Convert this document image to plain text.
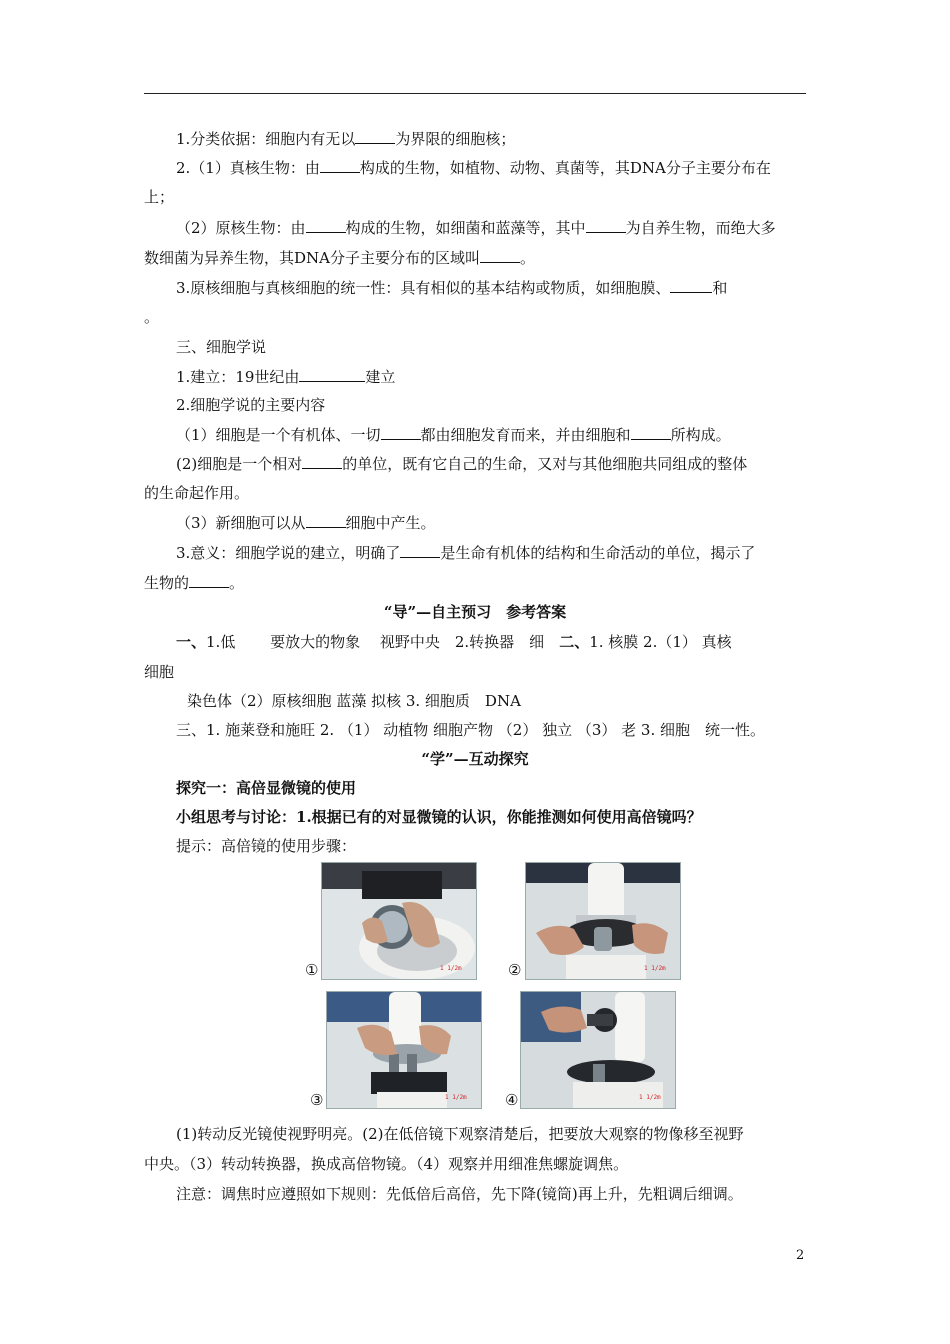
1.分类依据：细胞内有无以	为界限的细胞核；
2.（1）真核生物：由	构成的生物，如植物、动物、真菌等，其DNA分子主要分布在
上；
（2）原核生物：由	构成的生物，如细菌和蓝藻等，其中	为自养生物，而绝大多
数细菌为异养生物，其DNA分子主要分布的区域叫	。
3.原核细胞与真核细胞的统一性：具有相似的基本结构或物质，如细胞膜、	和
。
三、细胞学说
1.建立：19世纪由	建立
2.细胞学说的主要内容
（1）细胞是一个有机体、一切	都由细胞发育而来，并由细胞和	所构成。
(2)细胞是一个相对	的单位，既有它自己的生命，又对与其他细胞共同组成的整体
的生命起作用。
（3）新细胞可以从	细胞中产生。
3.意义：细胞学说的建立，明确了	是生命有机体的结构和生命活动的单位，揭示了
生物的	。
“导”—自主预习　参考答案
一、1.低　　 要放大的物象　 视野中央　2.转换器　细　二、1. 核膜 2.（1） 真核
细胞
染色体（2）原核细胞 蓝藻 拟核 3. 细胞质　DNA
三、1. 施莱登和施旺 2. （1） 动植物 细胞产物 （2） 独立 （3） 老 3. 细胞　统一性。
“学”—互动探究
探究一：高倍显微镜的使用
小组思考与讨论：1.根据已有的对显微镜的认识，你能推测如何使用高倍镜吗？
提示：高倍镜的使用步骤：
1 1/2m
①	1 1/2m
②
1 1/2m
③	1 1/2m
④
(1)转动反光镜使视野明亮。(2)在低倍镜下观察清楚后，把要放大观察的物像移至视野
中央。（3）转动转换器，换成高倍物镜。（4）观察并用细准焦螺旋调焦。
注意：调焦时应遵照如下规则：先低倍后高倍，先下降(镜筒)再上升，先粗调后细调。
2
